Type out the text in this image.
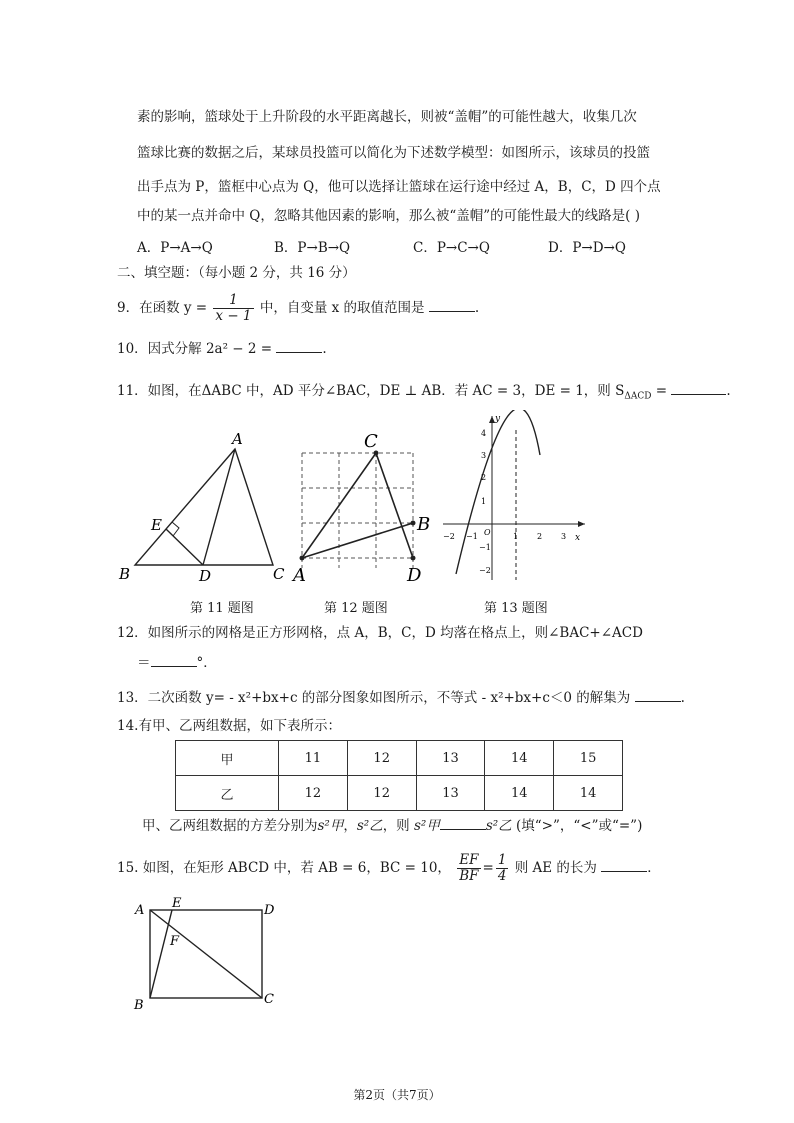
素的影响，篮球处于上升阶段的水平距离越长，则被“盖帽”的可能性越大，收集几次
篮球比赛的数据之后，某球员投篮可以简化为下述数学模型：如图所示，该球员的投篮
出手点为 P，篮框中心点为 Q，他可以选择让篮球在运行途中经过 A，B，C，D 四个点
中的某一点并命中 Q，忽略其他因素的影响，那么被“盖帽”的可能性最大的线路是( )
A．P→A→Q	B．P→B→Q	C．P→C→Q	D．P→D→Q
二、填空题：（每小题 2 分，共 16 分）
9．在函数 $y = \frac{1}{x - 1}$ 中，自变量 x 的取值范围是	.
10．因式分解 2a² − 2 =	.
11．如图，在ΔABC 中，AD 平分∠BAC，DE ⊥ AB．若 AC = 3，DE = 1，则 $S_{\Delta ACD}$ =	.
A
B	C
D
E
A
C
B
D
y
x
O
−2 −1	1 2 3
4
3
2
1
−1
−2
第 11 题图	第 12 题图	第 13 题图
12．如图所示的网格是正方形网格，点 A，B，C，D 均落在格点上，则∠BAC+∠ACD
＝	°．
13．二次函数 y= - x²+bx+c 的部分图象如图所示，不等式 - x²+bx+c＜0 的解集为	.
14.有甲、乙两组数据，如下表所示：
甲	11	12	13	14	15
乙	12	12	13	14	14
甲、乙两组数据的方差分别为s²甲，s²乙，则 s²甲	s²乙 (填“>”，“<”或“=”)
15. 如图，在矩形 ABCD 中，若 AB = 6，BC = 10， $\frac{EF}{BF} = \frac{1}{4}$ 则 AE 的长为	．
A E	D
F
B	C
第2页（共7页）
